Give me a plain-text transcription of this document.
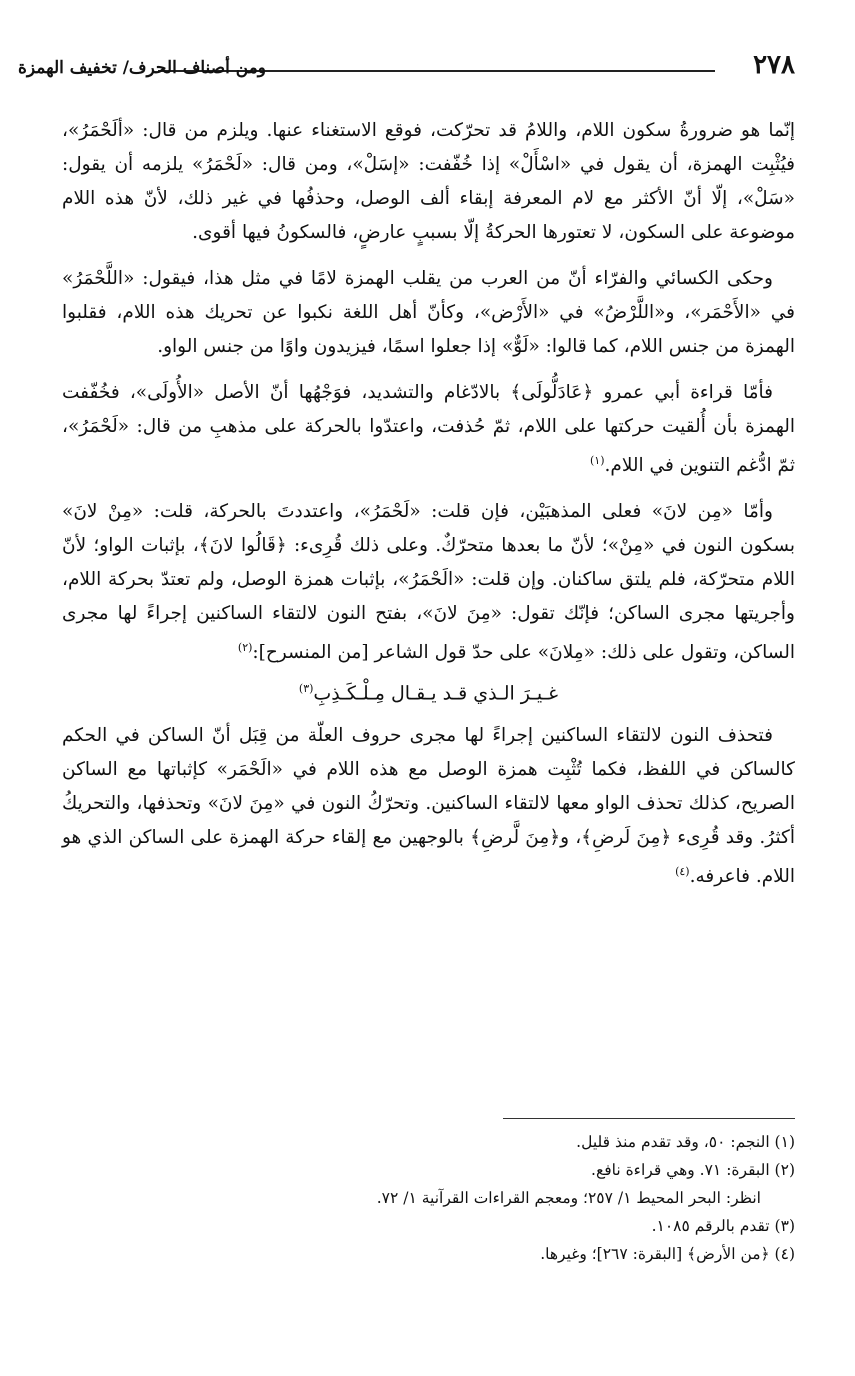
٢٧٨
ومن أصناف الحرف/ تخفيف الهمزة

إنّما هو ضرورةُ سكون اللام، واللامُ قد تحرّكت، فوقع الاستغناء عنها. ويلزم من قال: «ألَحْمَرُ»، فيُثْبِت الهمزة، أن يقول في «اسْأَلْ» إذا خُفّفت: «إسَلْ»، ومن قال: «لَحْمَرُ» يلزمه أن يقول: «سَلْ»، إلّا أنّ الأكثر مع لام المعرفة إبقاء ألف الوصل، وحذفُها في غير ذلك، لأنّ هذه اللام موضوعة على السكون، لا تعتورها الحركةُ إلّا بسببٍ عارضٍ، فالسكونُ فيها أقوى.

وحكى الكسائي والفرّاء أنّ من العرب من يقلب الهمزة لامًا في مثل هذا، فيقول: «اللَّحْمَرُ» في «الأَحْمَر»، و«اللَّرْضُ» في «الأَرْض»، وكأنّ أهل اللغة نكبوا عن تحريك هذه اللام، فقلبوا الهمزة من جنس اللام، كما قالوا: «لَوٌّ» إذا جعلوا اسمًا، فيزيدون واوًا من جنس الواو.

فأمّا قراءة أبي عمرو ﴿عَادَلُّولَى﴾ بالادّغام والتشديد، فوَجْهُها أنّ الأصل «الأُولَى»، فخُفّفت الهمزة بأن أُلقيت حركتها على اللام، ثمّ حُذفت، واعتدّوا بالحركة على مذهبِ من قال: «لَحْمَرُ»، ثمّ ادُّغم التنوين في اللام.$^{(١)}$

وأمّا «مِن لانَ» فعلى المذهبَيْن، فإن قلت: «لَحْمَرُ»، واعتددتَ بالحركة، قلت: «مِنْ لانَ» بسكون النون في «مِنْ»؛ لأنّ ما بعدها متحرّكٌ. وعلى ذلك قُرِىء: ﴿قَالُوا لانَ﴾، بإثبات الواو؛ لأنّ اللام متحرّكة، فلم يلتق ساكنان. وإن قلت: «الَحْمَرُ»، بإثبات همزة الوصل، ولم تعتدّ بحركة اللام، وأجريتها مجرى الساكن؛ فإنّك تقول: «مِنَ لانَ»، بفتح النون لالتقاء الساكنين إجراءً لها مجرى الساكن، وتقول على ذلك: «مِلانَ» على حدّ قول الشاعر [من المنسرح]:$^{(٢)}$

غـيـرَ الـذي قـد يـقـال مِـلْـكَـذِبِ$^{(٣)}$

فتحذف النون لالتقاء الساكنين إجراءً لها مجرى حروف العلّة من قِبَل أنّ الساكن في الحكم كالساكن في اللفظ، فكما تُثْبِت همزة الوصل مع هذه اللام في «الَحْمَر» كإثباتها مع الساكن الصريح، كذلك تحذف الواو معها لالتقاء الساكنين. وتحرّكُ النون في «مِنَ لانَ» وتحذفها، والتحريكُ أكثرُ. وقد قُرِىء ﴿مِنَ لَرضِ﴾، و﴿مِنَ لَّرضِ﴾ بالوجهين مع إلقاء حركة الهمزة على الساكن الذي هو اللام. فاعرفه.$^{(٤)}$

(١) النجم: ٥٠، وقد تقدم منذ قليل.

(٢) البقرة: ٧١. وهي قراءة نافع.

انظر: البحر المحيط ١/ ٢٥٧؛ ومعجم القراءات القرآنية ١/ ٧٢.

(٣) تقدم بالرقم ١٠٨٥.

(٤) ﴿من الأرض﴾ [البقرة: ٢٦٧]؛ وغيرها.
